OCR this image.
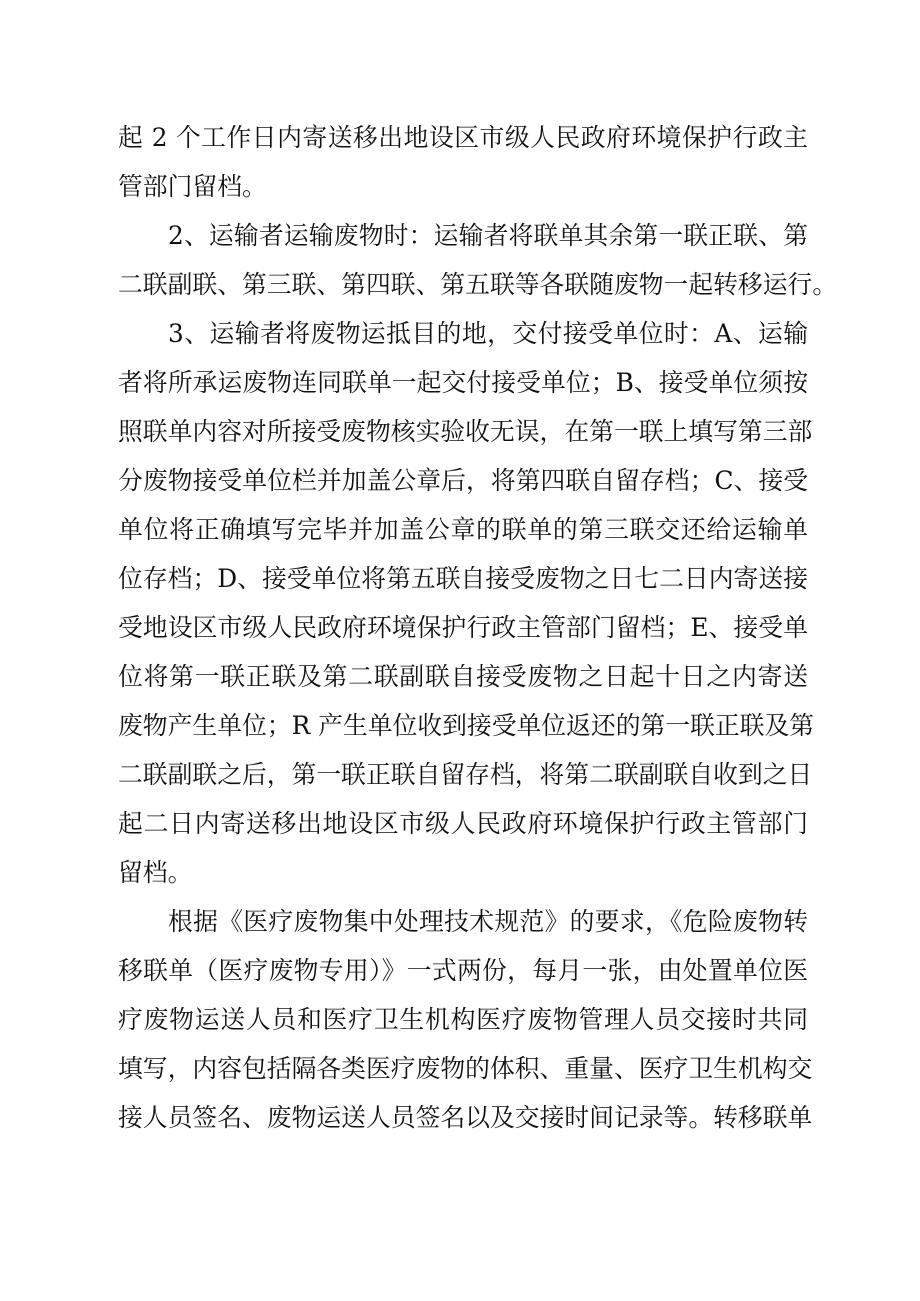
起 2 个工作日内寄送移出地设区市级人民政府环境保护行政主
管部门留档。
2、运输者运输废物时：运输者将联单其余第一联正联、第
二联副联、第三联、第四联、第五联等各联随废物一起转移运行。
3、运输者将废物运抵目的地，交付接受单位时：A、运输
者将所承运废物连同联单一起交付接受单位；B、接受单位须按
照联单内容对所接受废物核实验收无误，在第一联上填写第三部
分废物接受单位栏并加盖公章后，将第四联自留存档；C、接受
单位将正确填写完毕并加盖公章的联单的第三联交还给运输单
位存档；D、接受单位将第五联自接受废物之日七二日内寄送接
受地设区市级人民政府环境保护行政主管部门留档；E、接受单
位将第一联正联及第二联副联自接受废物之日起十日之内寄送
废物产生单位；R 产生单位收到接受单位返还的第一联正联及第
二联副联之后，第一联正联自留存档，将第二联副联自收到之日
起二日内寄送移出地设区市级人民政府环境保护行政主管部门
留档。
根据《医疗废物集中处理技术规范》的要求，《危险废物转
移联单（医疗废物专用）》一式两份，每月一张，由处置单位医
疗废物运送人员和医疗卫生机构医疗废物管理人员交接时共同
填写，内容包括隔各类医疗废物的体积、重量、医疗卫生机构交
接人员签名、废物运送人员签名以及交接时间记录等。转移联单
